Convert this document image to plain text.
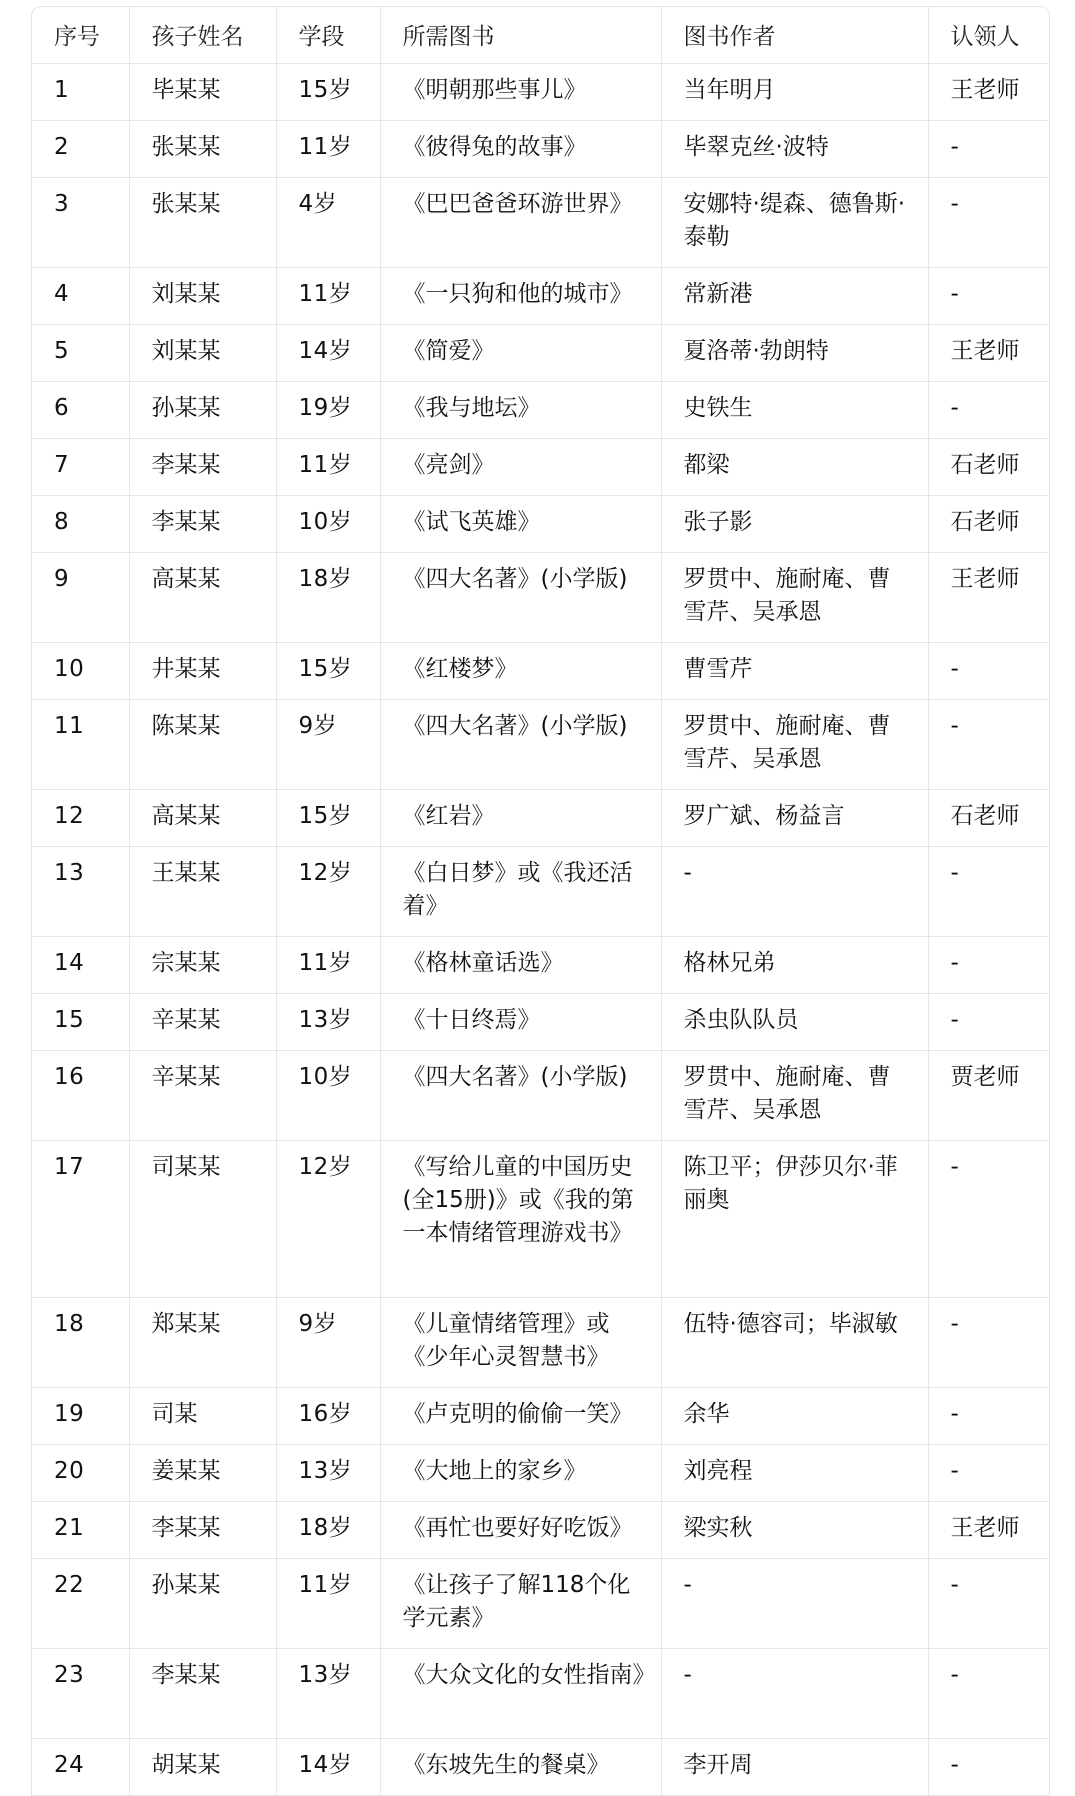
序号	孩子姓名	学段	所需图书	图书作者	认领人
1	毕某某	15岁	《明朝那些事儿》	当年明月	王老师
2	张某某	11岁	《彼得兔的故事》	毕翠克丝·波特	-
3	张某某	4岁	《巴巴爸爸环游世界》	安娜特·缇森、德鲁斯·泰勒	-
4	刘某某	11岁	《一只狗和他的城市》	常新港	-
5	刘某某	14岁	《简爱》	夏洛蒂·勃朗特	王老师
6	孙某某	19岁	《我与地坛》	史铁生	-
7	李某某	11岁	《亮剑》	都梁	石老师
8	李某某	10岁	《试飞英雄》	张子影	石老师
9	高某某	18岁	《四大名著》(小学版)	罗贯中、施耐庵、曹雪芹、吴承恩	王老师
10	井某某	15岁	《红楼梦》	曹雪芹	-
11	陈某某	9岁	《四大名著》(小学版)	罗贯中、施耐庵、曹雪芹、吴承恩	-
12	高某某	15岁	《红岩》	罗广斌、杨益言	石老师
13	王某某	12岁	《白日梦》或《我还活着》	-	-
14	宗某某	11岁	《格林童话选》	格林兄弟	-
15	辛某某	13岁	《十日终焉》	杀虫队队员	-
16	辛某某	10岁	《四大名著》(小学版)	罗贯中、施耐庵、曹雪芹、吴承恩	贾老师
17	司某某	12岁	《写给儿童的中国历史(全15册)》或《我的第一本情绪管理游戏书》	陈卫平；伊莎贝尔·菲丽奥	-
18	郑某某	9岁	《儿童情绪管理》或《少年心灵智慧书》	伍特·德容司；毕淑敏	-
19	司某	16岁	《卢克明的偷偷一笑》	余华	-
20	姜某某	13岁	《大地上的家乡》	刘亮程	-
21	李某某	18岁	《再忙也要好好吃饭》	梁实秋	王老师
22	孙某某	11岁	《让孩子了解118个化学元素》	-	-
23	李某某	13岁	《大众文化的女性指南》	-	-
24	胡某某	14岁	《东坡先生的餐桌》	李开周	-
